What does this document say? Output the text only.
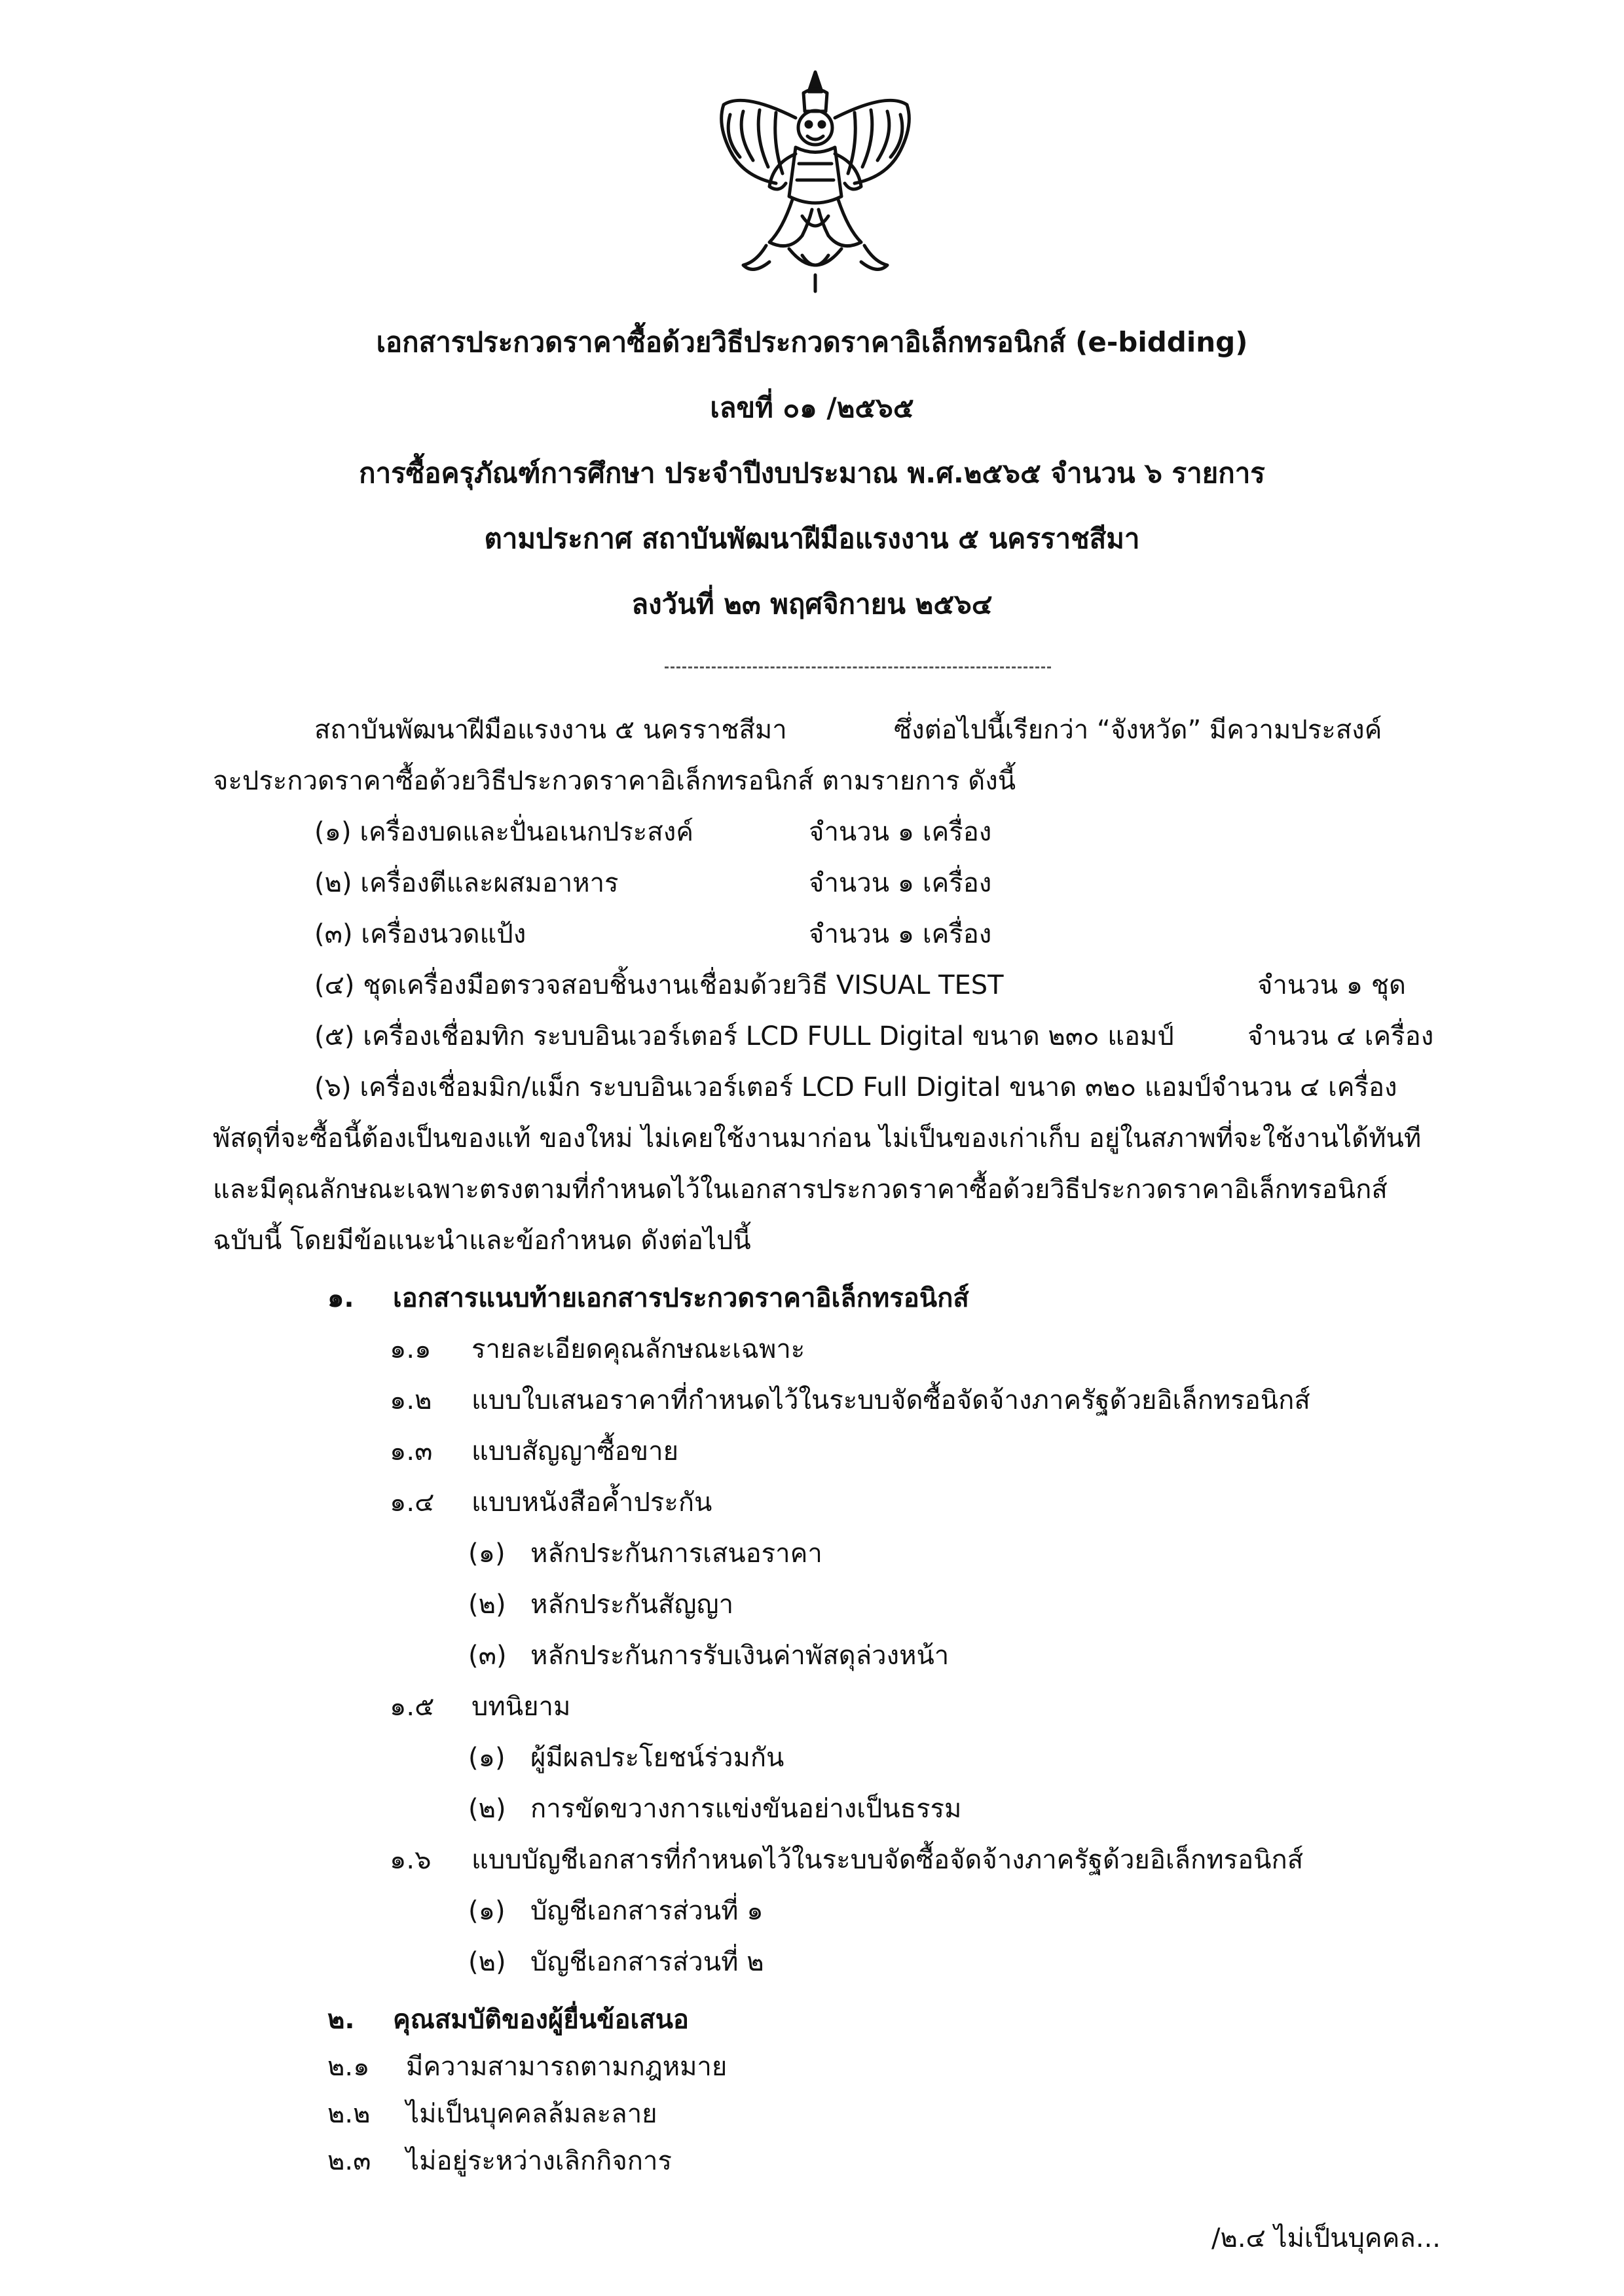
เอกสารประกวดราคาซื้อด้วยวิธีประกวดราคาอิเล็กทรอนิกส์ (e-bidding)
เลขที่ ๐๑ /๒๕๖๕
การซื้อครุภัณฑ์การศึกษา ประจำปีงบประมาณ พ.ศ.๒๕๖๕ จำนวน ๖ รายการ
ตามประกาศ สถาบันพัฒนาฝีมือแรงงาน ๕ นครราชสีมา
ลงวันที่ ๒๓ พฤศจิกายน ๒๕๖๔
สถาบันพัฒนาฝีมือแรงงาน ๕ นครราชสีมา	ซึ่งต่อไปนี้เรียกว่า “จังหวัด” มีความประสงค์
จะประกวดราคาซื้อด้วยวิธีประกวดราคาอิเล็กทรอนิกส์ ตามรายการ ดังนี้
(๑) เครื่องบดและปั่นอเนกประสงค์	จำนวน ๑ เครื่อง
(๒) เครื่องตีและผสมอาหาร	จำนวน ๑ เครื่อง
(๓) เครื่องนวดแป้ง	จำนวน ๑ เครื่อง
(๔) ชุดเครื่องมือตรวจสอบชิ้นงานเชื่อมด้วยวิธี VISUAL TEST	จำนวน ๑ ชุด
(๕) เครื่องเชื่อมทิก ระบบอินเวอร์เตอร์ LCD FULL Digital ขนาด ๒๓๐ แอมป์	จำนวน ๔ เครื่อง
(๖) เครื่องเชื่อมมิก/แม็ก ระบบอินเวอร์เตอร์ LCD Full Digital ขนาด ๓๒๐ แอมป์จำนวน ๔ เครื่อง
พัสดุที่จะซื้อนี้ต้องเป็นของแท้ ของใหม่ ไม่เคยใช้งานมาก่อน ไม่เป็นของเก่าเก็บ อยู่ในสภาพที่จะใช้งานได้ทันที
และมีคุณลักษณะเฉพาะตรงตามที่กำหนดไว้ในเอกสารประกวดราคาซื้อด้วยวิธีประกวดราคาอิเล็กทรอนิกส์
ฉบับนี้ โดยมีข้อแนะนำและข้อกำหนด ดังต่อไปนี้
๑. เอกสารแนบท้ายเอกสารประกวดราคาอิเล็กทรอนิกส์
๑.๑ รายละเอียดคุณลักษณะเฉพาะ
๑.๒ แบบใบเสนอราคาที่กำหนดไว้ในระบบจัดซื้อจัดจ้างภาครัฐด้วยอิเล็กทรอนิกส์
๑.๓ แบบสัญญาซื้อขาย
๑.๔ แบบหนังสือค้ำประกัน
(๑) หลักประกันการเสนอราคา
(๒) หลักประกันสัญญา
(๓) หลักประกันการรับเงินค่าพัสดุล่วงหน้า
๑.๕ บทนิยาม
(๑) ผู้มีผลประโยชน์ร่วมกัน
(๒) การขัดขวางการแข่งขันอย่างเป็นธรรม
๑.๖ แบบบัญชีเอกสารที่กำหนดไว้ในระบบจัดซื้อจัดจ้างภาครัฐด้วยอิเล็กทรอนิกส์
(๑) บัญชีเอกสารส่วนที่ ๑
(๒) บัญชีเอกสารส่วนที่ ๒
๒. คุณสมบัติของผู้ยื่นข้อเสนอ
๒.๑ มีความสามารถตามกฎหมาย
๒.๒ ไม่เป็นบุคคลล้มละลาย
๒.๓ ไม่อยู่ระหว่างเลิกกิจการ
/๒.๔ ไม่เป็นบุคคล...
